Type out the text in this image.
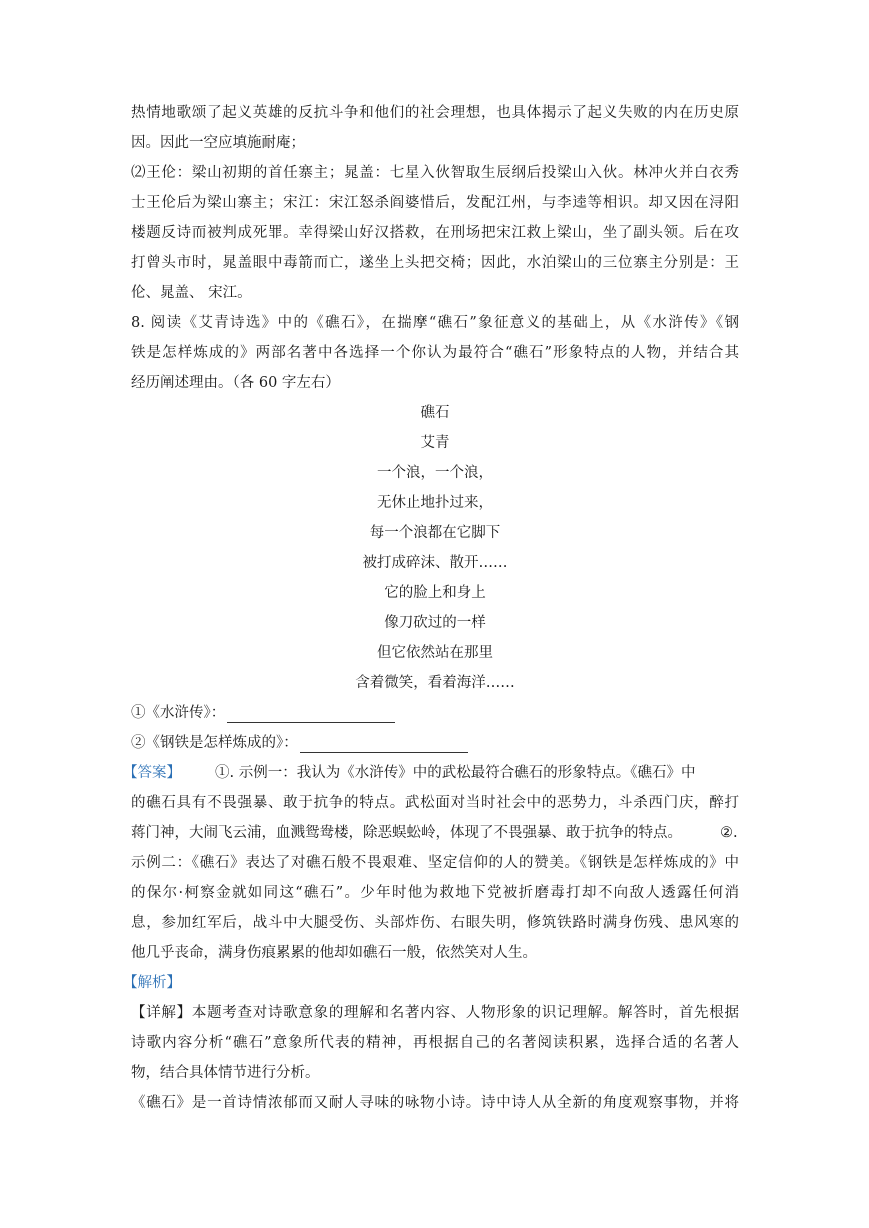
热情地歌颂了起义英雄的反抗斗争和他们的社会理想，也具体揭示了起义失败的内在历史原
因。因此一空应填施耐庵；
⑵王伦：梁山初期的首任寨主；晁盖：七星入伙智取生辰纲后投梁山入伙。林冲火并白衣秀
士王伦后为梁山寨主；宋江：宋江怒杀阎婆惜后，发配江州，与李逵等相识。却又因在浔阳
楼题反诗而被判成死罪。幸得梁山好汉搭救，在刑场把宋江救上梁山，坐了副头领。后在攻
打曾头市时，晁盖眼中毒箭而亡，遂坐上头把交椅；因此，水泊梁山的三位寨主分别是：王
伦、晁盖、 宋江。
8. 阅读《艾青诗选》中的《礁石》，在揣摩“礁石”象征意义的基础上，从《水浒传》《钢
铁是怎样炼成的》两部名著中各选择一个你认为最符合“礁石”形象特点的人物，并结合其
经历阐述理由。（各 60 字左右）
礁石
艾青
一个浪，一个浪，
无休止地扑过来，
每一个浪都在它脚下
被打成碎沫、散开……
它的脸上和身上
像刀砍过的一样
但它依然站在那里
含着微笑，看着海洋……
①《水浒传》：
②《钢铁是怎样炼成的》：
【答案】 ①. 示例一：我认为《水浒传》中的武松最符合礁石的形象特点。《礁石》中
的礁石具有不畏强暴、敢于抗争的特点。武松面对当时社会中的恶势力，斗杀西门庆，醉打
蒋门神，大闹飞云浦，血溅鸳鸯楼，除恶蜈蚣岭，体现了不畏强暴、敢于抗争的特点。	②.
示例二：《礁石》表达了对礁石般不畏艰难、坚定信仰的人的赞美。《钢铁是怎样炼成的》中
的保尔·柯察金就如同这“礁石”。少年时他为救地下党被折磨毒打却不向敌人透露任何消
息，参加红军后，战斗中大腿受伤、头部炸伤、右眼失明，修筑铁路时满身伤残、患风寒的
他几乎丧命，满身伤痕累累的他却如礁石一般，依然笑对人生。
【解析】
【详解】本题考查对诗歌意象的理解和名著内容、人物形象的识记理解。解答时，首先根据
诗歌内容分析“礁石”意象所代表的精神，再根据自己的名著阅读积累，选择合适的名著人
物，结合具体情节进行分析。
《礁石》是一首诗情浓郁而又耐人寻味的咏物小诗。诗中诗人从全新的角度观察事物，并将
